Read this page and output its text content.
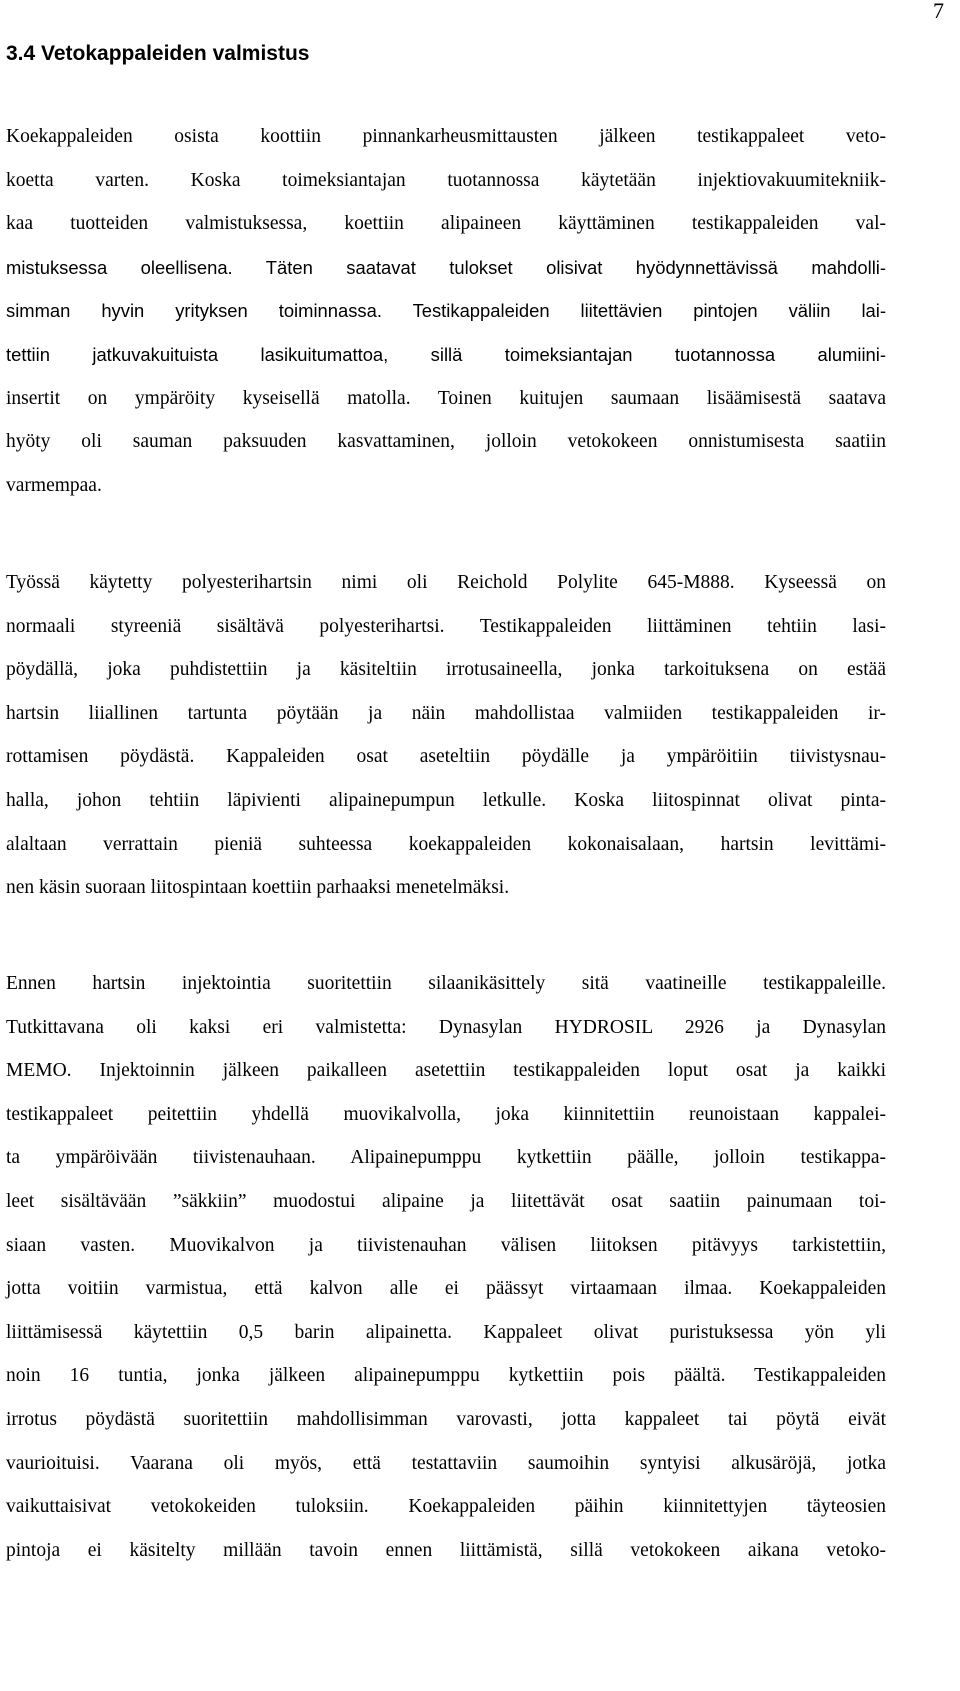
7
3.4 Vetokappaleiden valmistus
Koekappaleiden osista koottiin pinnankarheusmittausten jälkeen testikappaleet veto-
koetta varten. Koska toimeksiantajan tuotannossa käytetään injektiovakuumitekniik-
kaa tuotteiden valmistuksessa, koettiin alipaineen käyttäminen testikappaleiden val-
mistuksessa oleellisena. Täten saatavat tulokset olisivat hyödynnettävissä mahdolli-
simman hyvin yrityksen toiminnassa. Testikappaleiden liitettävien pintojen väliin lai-
tettiin jatkuvakuituista lasikuitumattoa, sillä toimeksiantajan tuotannossa alumiini-
insertit on ympäröity kyseisellä matolla. Toinen kuitujen saumaan lisäämisestä saatava
hyöty oli sauman paksuuden kasvattaminen, jolloin vetokokeen onnistumisesta saatiin
varmempaa.
Työssä käytetty polyesterihartsin nimi oli Reichold Polylite 645-M888. Kyseessä on
normaali styreeniä sisältävä polyesterihartsi. Testikappaleiden liittäminen tehtiin lasi-
pöydällä, joka puhdistettiin ja käsiteltiin irrotusaineella, jonka tarkoituksena on estää
hartsin liiallinen tartunta pöytään ja näin mahdollistaa valmiiden testikappaleiden ir-
rottamisen pöydästä. Kappaleiden osat aseteltiin pöydälle ja ympäröitiin tiivistysnau-
halla, johon tehtiin läpivienti alipainepumpun letkulle. Koska liitospinnat olivat pinta-
alaltaan verrattain pieniä suhteessa koekappaleiden kokonaisalaan, hartsin levittämi-
nen käsin suoraan liitospintaan koettiin parhaaksi menetelmäksi.
Ennen hartsin injektointia suoritettiin silaanikäsittely sitä vaatineille testikappaleille.
Tutkittavana oli kaksi eri valmistetta: Dynasylan HYDROSIL 2926 ja Dynasylan
MEMO. Injektoinnin jälkeen paikalleen asetettiin testikappaleiden loput osat ja kaikki
testikappaleet peitettiin yhdellä muovikalvolla, joka kiinnitettiin reunoistaan kappalei-
ta ympäröivään tiivistenauhaan. Alipainepumppu kytkettiin päälle, jolloin testikappa-
leet sisältävään ”säkkiin” muodostui alipaine ja liitettävät osat saatiin painumaan toi-
siaan vasten. Muovikalvon ja tiivistenauhan välisen liitoksen pitävyys tarkistettiin,
jotta voitiin varmistua, että kalvon alle ei päässyt virtaamaan ilmaa. Koekappaleiden
liittämisessä käytettiin 0,5 barin alipainetta. Kappaleet olivat puristuksessa yön yli
noin 16 tuntia, jonka jälkeen alipainepumppu kytkettiin pois päältä. Testikappaleiden
irrotus pöydästä suoritettiin mahdollisimman varovasti, jotta kappaleet tai pöytä eivät
vaurioituisi. Vaarana oli myös, että testattaviin saumoihin syntyisi alkusäröjä, jotka
vaikuttaisivat vetokokeiden tuloksiin. Koekappaleiden päihin kiinnitettyjen täyteosien
pintoja ei käsitelty millään tavoin ennen liittämistä, sillä vetokokeen aikana vetoko-
